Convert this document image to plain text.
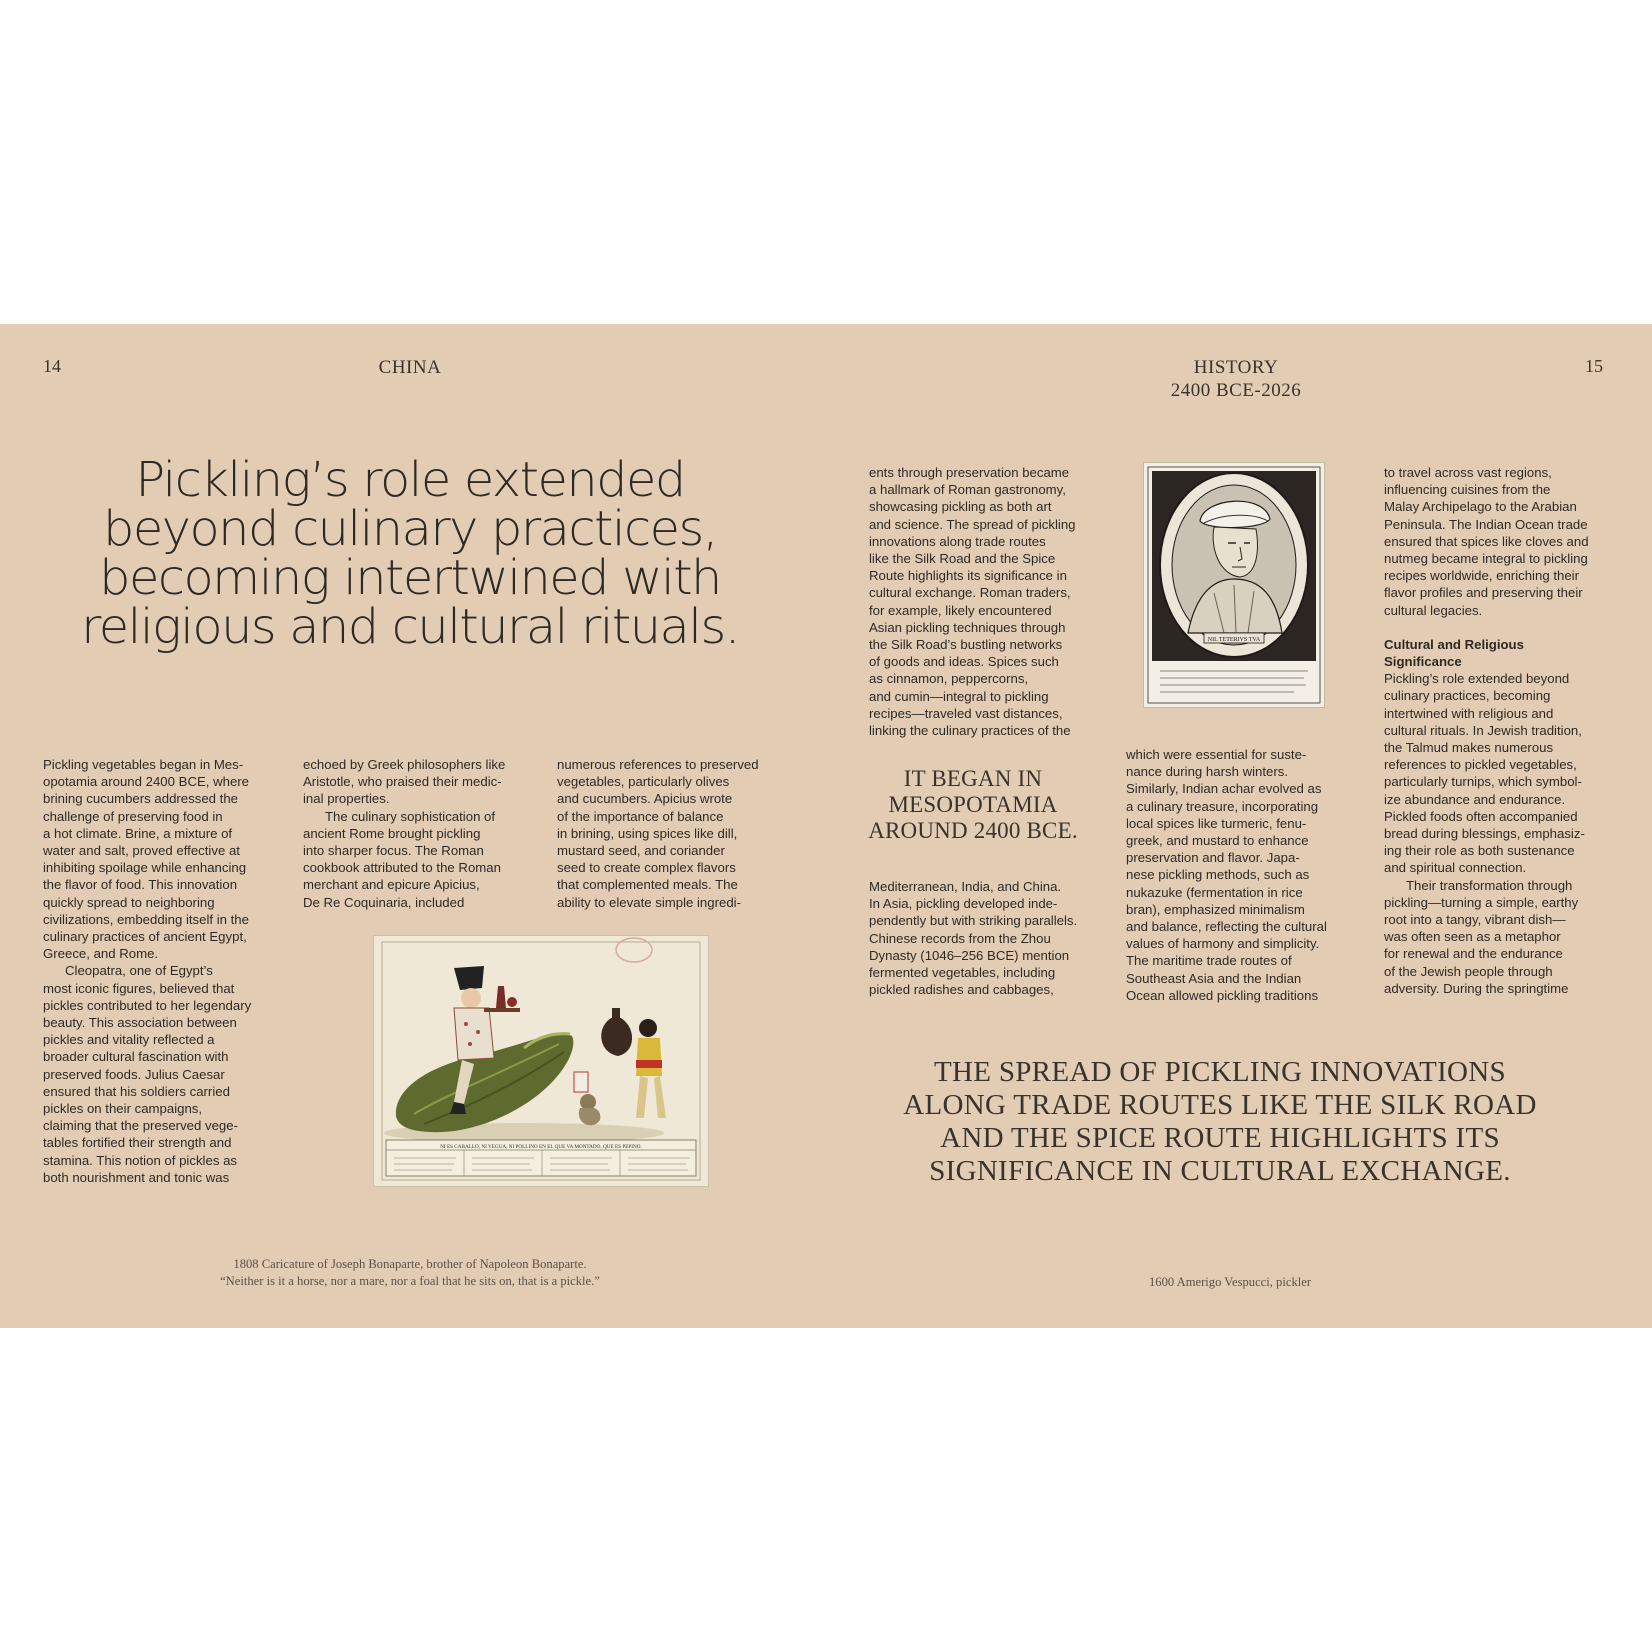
14	CHINA
Pickling’s role extended
beyond culinary practices,
becoming intertwined with
religious and cultural rituals.
Pickling vegetables began in Mes-
opotamia around 2400 BCE, where
brining cucumbers addressed the
challenge of preserving food in
a hot climate. Brine, a mixture of
water and salt, proved effective at
inhibiting spoilage while enhancing
the flavor of food. This innovation
quickly spread to neighboring
civilizations, embedding itself in the
culinary practices of ancient Egypt,
Greece, and Rome.
Cleopatra, one of Egypt’s
most iconic figures, believed that
pickles contributed to her legendary
beauty. This association between
pickles and vitality reflected a
broader cultural fascination with
preserved foods. Julius Caesar
ensured that his soldiers carried
pickles on their campaigns,
claiming that the preserved vege-
tables fortified their strength and
stamina. This notion of pickles as
both nourishment and tonic was
echoed by Greek philosophers like
Aristotle, who praised their medic-
inal properties.
The culinary sophistication of
ancient Rome brought pickling
into sharper focus. The Roman
cookbook attributed to the Roman
merchant and epicure Apicius,
De Re Coquinaria, included
numerous references to preserved
vegetables, particularly olives
and cucumbers. Apicius wrote
of the importance of balance
in brining, using spices like dill,
mustard seed, and coriander
seed to create complex flavors
that complemented meals. The
ability to elevate simple ingredi-
NI ES CABALLO, NI YEGUA, NI POLLINO EN EL QUE VA MONTADO, QUE ES PEPINO.
1808 Caricature of Joseph Bonaparte, brother of Napoleon Bonaparte.
“Neither is it a horse, nor a mare, nor a foal that he sits on, that is a pickle.”
HISTORY
2400 BCE-2026
15
ents through preservation became
a hallmark of Roman gastronomy,
showcasing pickling as both art
and science. The spread of pickling
innovations along trade routes
like the Silk Road and the Spice
Route highlights its significance in
cultural exchange. Roman traders,
for example, likely encountered
Asian pickling techniques through
the Silk Road’s bustling networks
of goods and ideas. Spices such
as cinnamon, peppercorns,
and cumin—integral to pickling
recipes—traveled vast distances,
linking the culinary practices of the
IT BEGAN IN
MESOPOTAMIA
AROUND 2400 BCE.
Mediterranean, India, and China.
In Asia, pickling developed inde-
pendently but with striking parallels.
Chinese records from the Zhou
Dynasty (1046–256 BCE) mention
fermented vegetables, including
pickled radishes and cabbages,
NIL TETERIVS TVA
which were essential for suste-
nance during harsh winters.
Similarly, Indian achar evolved as
a culinary treasure, incorporating
local spices like turmeric, fenu-
greek, and mustard to enhance
preservation and flavor. Japa-
nese pickling methods, such as
nukazuke (fermentation in rice
bran), emphasized minimalism
and balance, reflecting the cultural
values of harmony and simplicity.
The maritime trade routes of
Southeast Asia and the Indian
Ocean allowed pickling traditions
to travel across vast regions,
influencing cuisines from the
Malay Archipelago to the Arabian
Peninsula. The Indian Ocean trade
ensured that spices like cloves and
nutmeg became integral to pickling
recipes worldwide, enriching their
flavor profiles and preserving their
cultural legacies.
Cultural and Religious
Significance
Pickling’s role extended beyond
culinary practices, becoming
intertwined with religious and
cultural rituals. In Jewish tradition,
the Talmud makes numerous
references to pickled vegetables,
particularly turnips, which symbol-
ize abundance and endurance.
Pickled foods often accompanied
bread during blessings, emphasiz-
ing their role as both sustenance
and spiritual connection.
Their transformation through
pickling—turning a simple, earthy
root into a tangy, vibrant dish—
was often seen as a metaphor
for renewal and the endurance
of the Jewish people through
adversity. During the springtime
THE SPREAD OF PICKLING INNOVATIONS
ALONG TRADE ROUTES LIKE THE SILK ROAD
AND THE SPICE ROUTE HIGHLIGHTS ITS
SIGNIFICANCE IN CULTURAL EXCHANGE.
1600 Amerigo Vespucci, pickler
